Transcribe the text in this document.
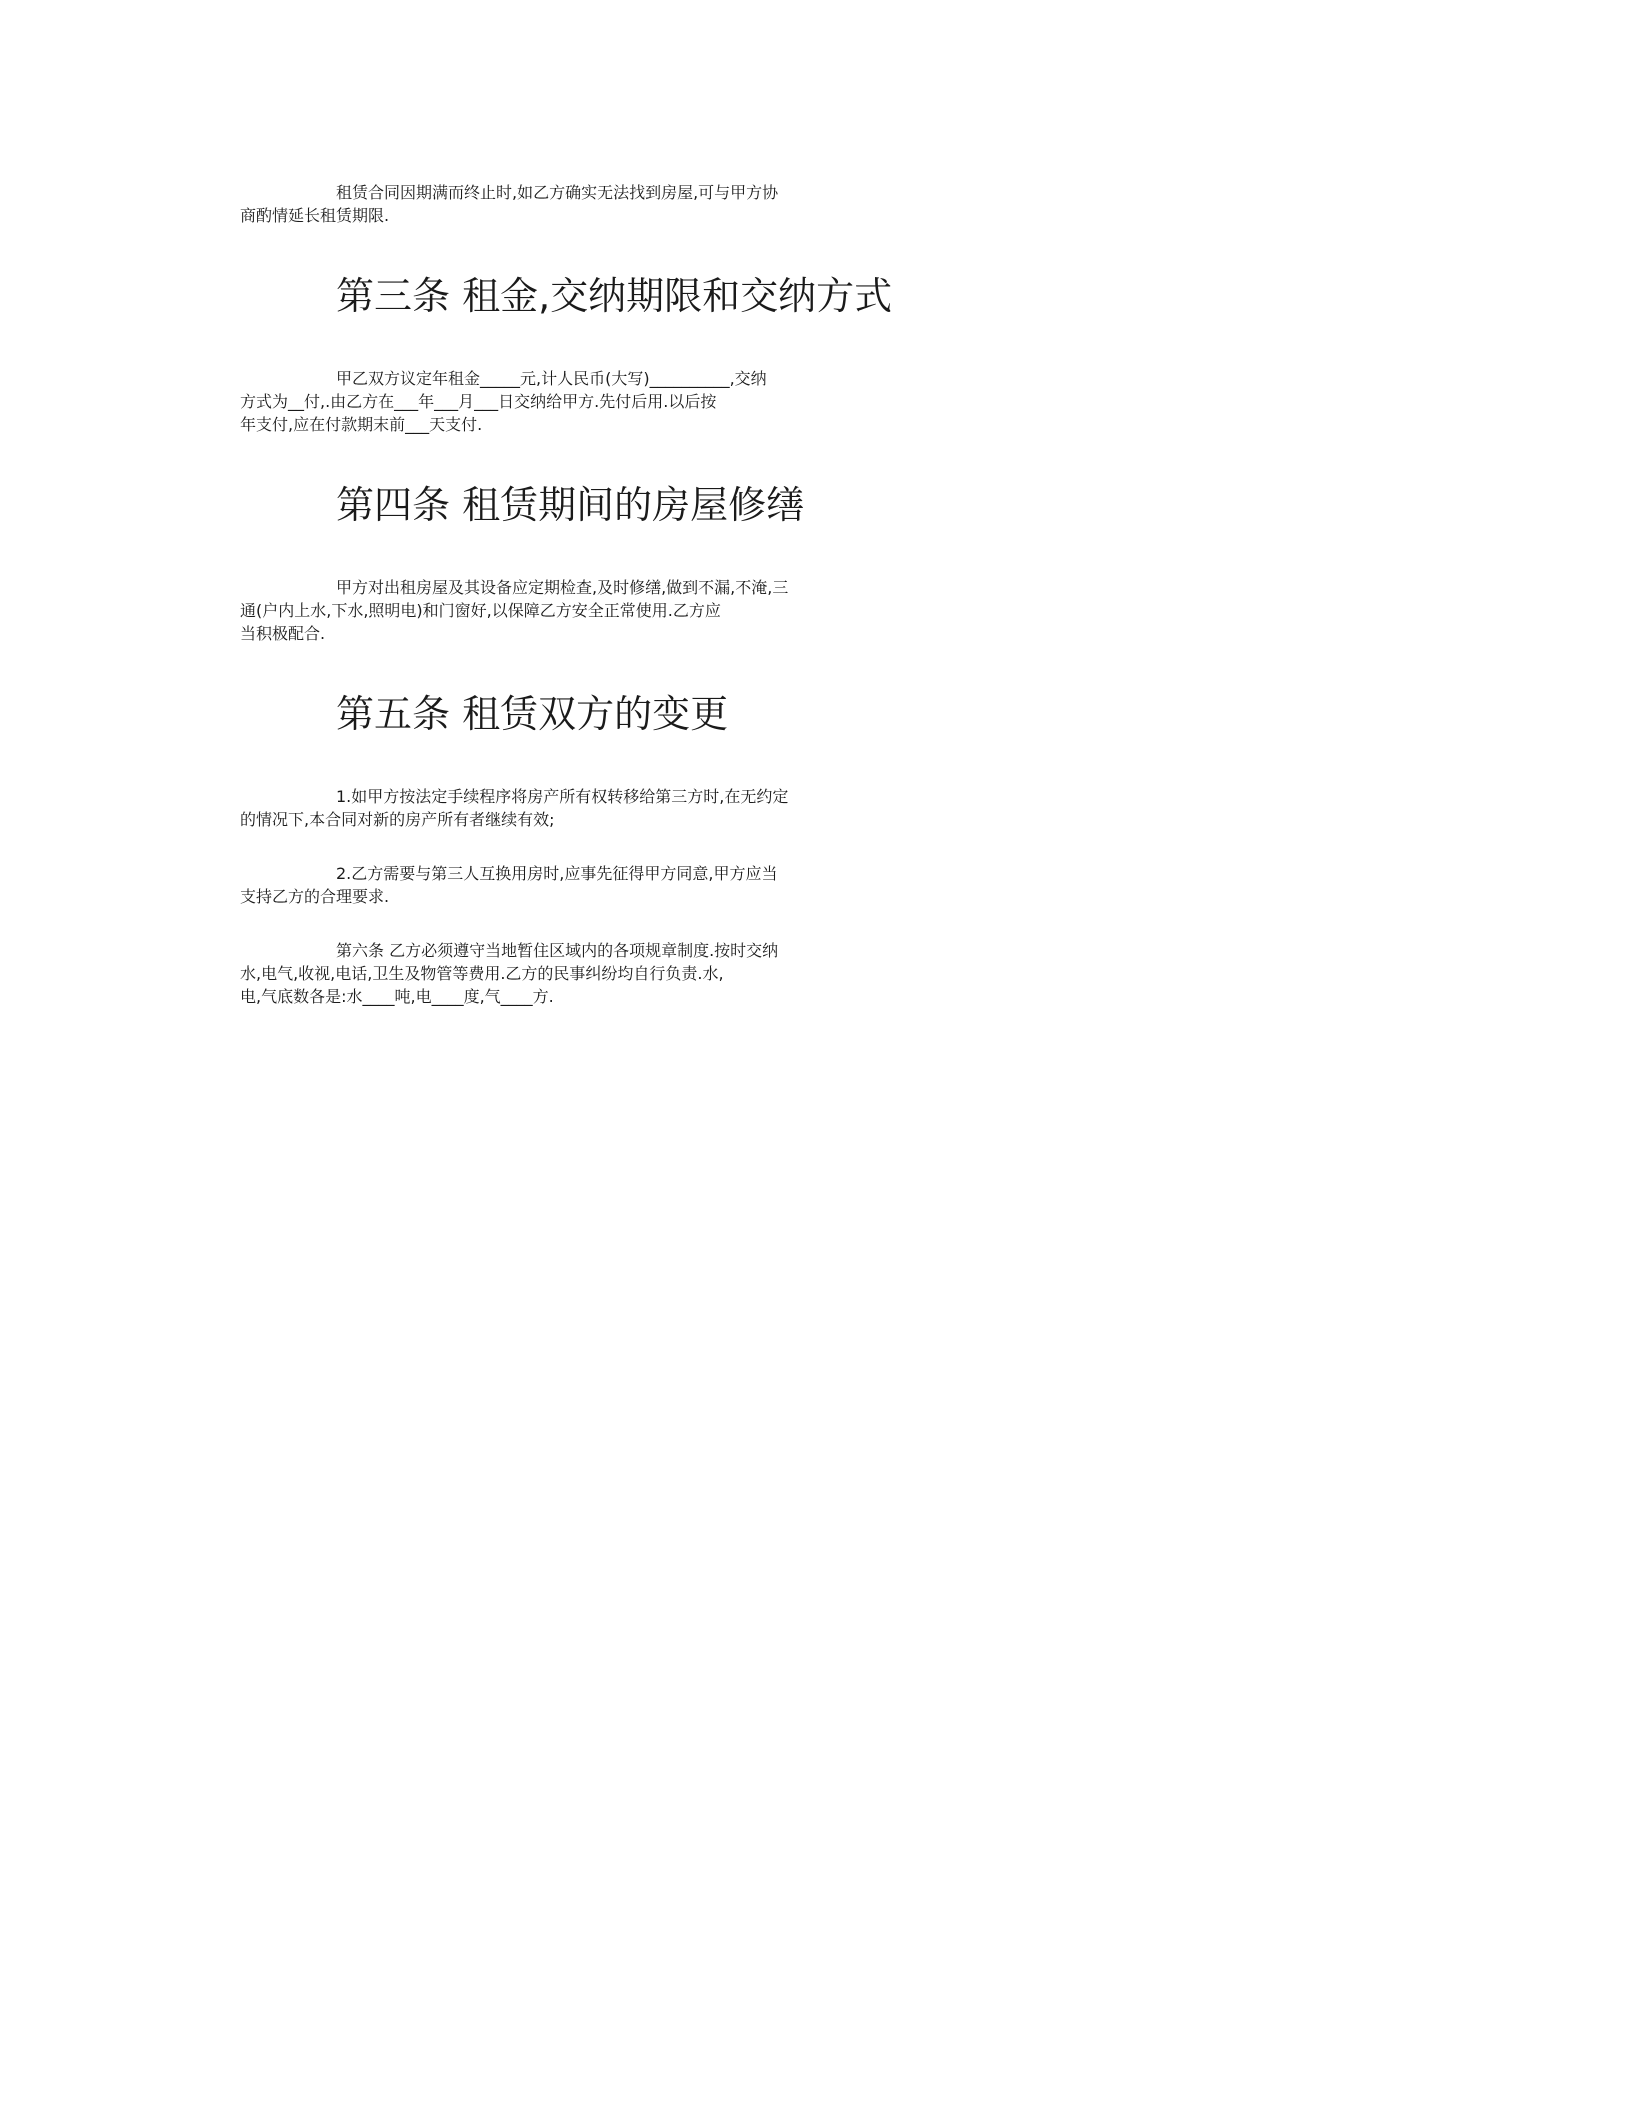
租赁合同因期满而终止时,如乙方确实无法找到房屋,可与甲方协
商酌情延长租赁期限.
第三条 租金,交纳期限和交纳方式
甲乙双方议定年租金_____元,计人民币(大写)__________,交纳
方式为__付,.由乙方在___年___月___日交纳给甲方.先付后用.以后按
年支付,应在付款期末前___天支付.
第四条 租赁期间的房屋修缮
甲方对出租房屋及其设备应定期检查,及时修缮,做到不漏,不淹,三
通(户内上水,下水,照明电)和门窗好,以保障乙方安全正常使用.乙方应
当积极配合.
第五条 租赁双方的变更
1.如甲方按法定手续程序将房产所有权转移给第三方时,在无约定
的情况下,本合同对新的房产所有者继续有效;
2.乙方需要与第三人互换用房时,应事先征得甲方同意,甲方应当
支持乙方的合理要求.
第六条 乙方必须遵守当地暂住区域内的各项规章制度.按时交纳
水,电气,收视,电话,卫生及物管等费用.乙方的民事纠纷均自行负责.水,
电,气底数各是:水____吨,电____度,气____方.
